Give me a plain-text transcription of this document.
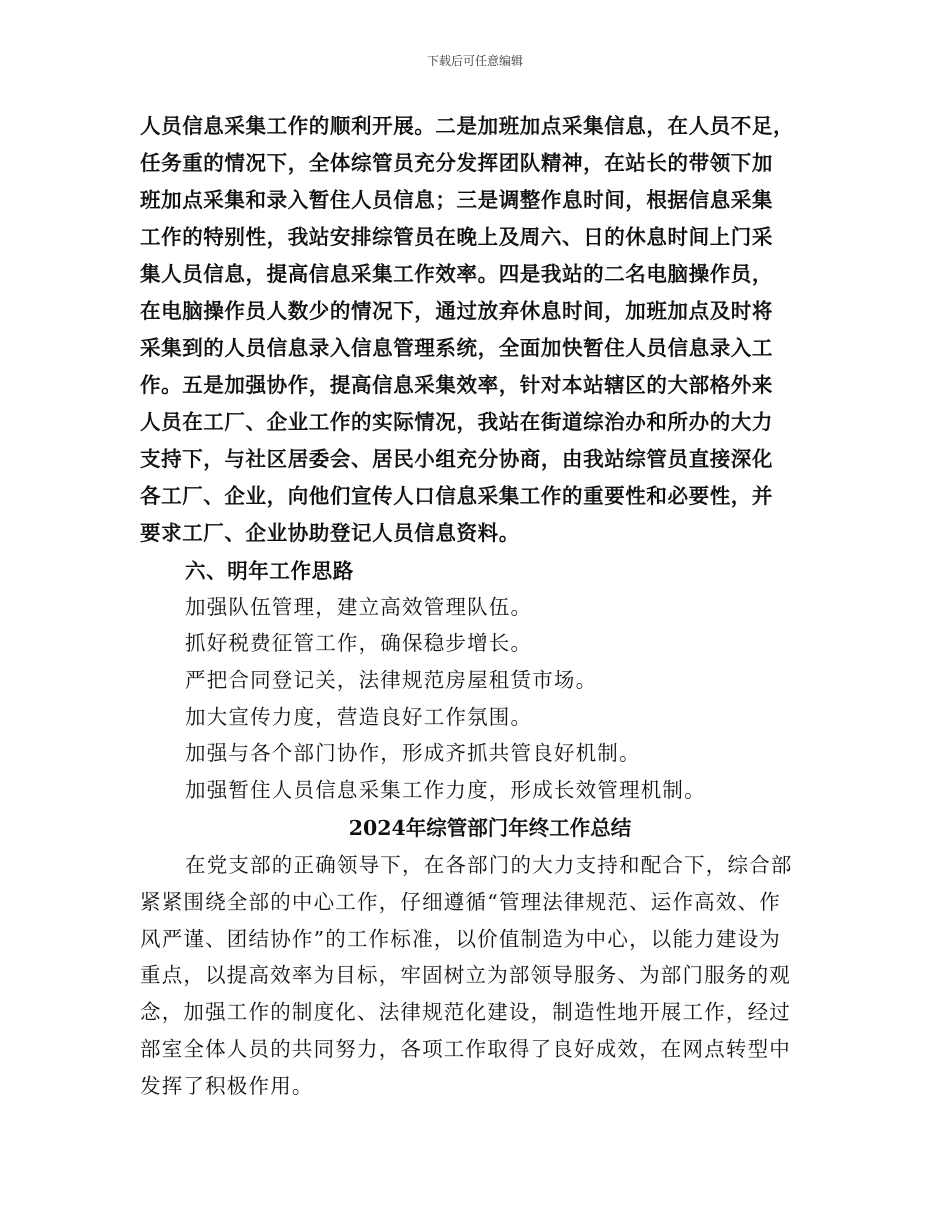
下载后可任意编辑
人员信息采集工作的顺利开展。二是加班加点采集信息，在人员不足，
任务重的情况下，全体综管员充分发挥团队精神，在站长的带领下加
班加点采集和录入暂住人员信息；三是调整作息时间，根据信息采集
工作的特别性，我站安排综管员在晚上及周六、日的休息时间上门采
集人员信息，提高信息采集工作效率。四是我站的二名电脑操作员，
在电脑操作员人数少的情况下，通过放弃休息时间，加班加点及时将
采集到的人员信息录入信息管理系统，全面加快暂住人员信息录入工
作。五是加强协作，提高信息采集效率，针对本站辖区的大部格外来
人员在工厂、企业工作的实际情况，我站在街道综治办和所办的大力
支持下，与社区居委会、居民小组充分协商，由我站综管员直接深化
各工厂、企业，向他们宣传人口信息采集工作的重要性和必要性，并
要求工厂、企业协助登记人员信息资料。
六、明年工作思路
加强队伍管理，建立高效管理队伍。
抓好税费征管工作，确保稳步增长。
严把合同登记关，法律规范房屋租赁市场。
加大宣传力度，营造良好工作氛围。
加强与各个部门协作，形成齐抓共管良好机制。
加强暂住人员信息采集工作力度，形成长效管理机制。
2024年综管部门年终工作总结
在党支部的正确领导下，在各部门的大力支持和配合下，综合部
紧紧围绕全部的中心工作，仔细遵循“管理法律规范、运作高效、作
风严谨、团结协作”的工作标准，以价值制造为中心，以能力建设为
重点，以提高效率为目标，牢固树立为部领导服务、为部门服务的观
念，加强工作的制度化、法律规范化建设，制造性地开展工作，经过
部室全体人员的共同努力，各项工作取得了良好成效，在网点转型中
发挥了积极作用。
